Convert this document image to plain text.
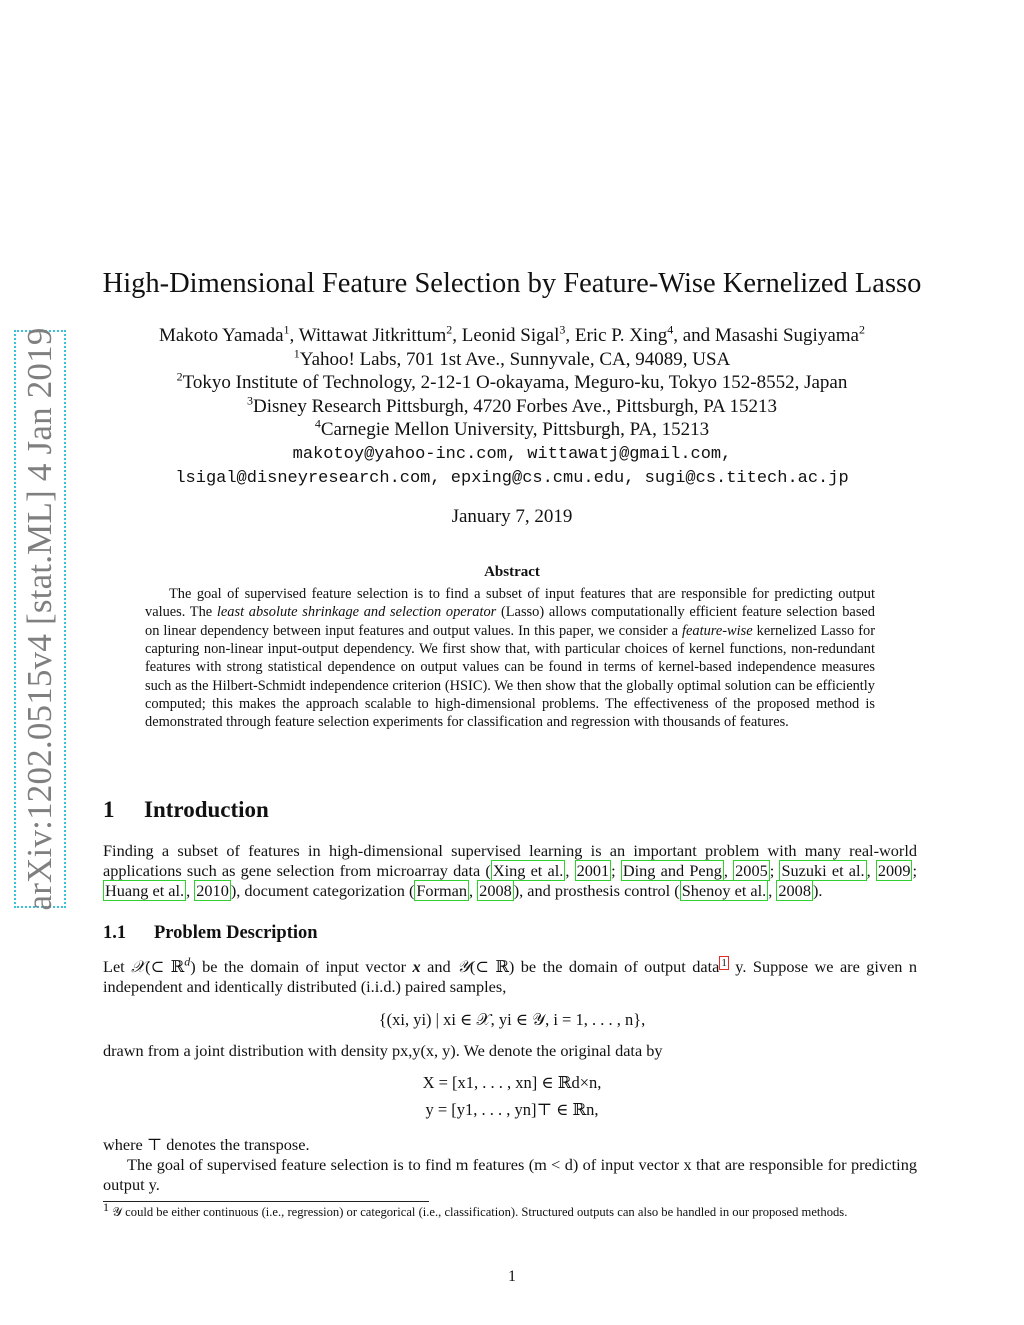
arXiv:1202.0515v4 [stat.ML] 4 Jan 2019
High-Dimensional Feature Selection by Feature-Wise Kernelized Lasso
Makoto Yamada$^1$, Wittawat Jitkrittum$^2$, Leonid Sigal$^3$, Eric P. Xing$^4$, and Masashi Sugiyama$^2$
$^1$Yahoo! Labs, 701 1st Ave., Sunnyvale, CA, 94089, USA
$^2$Tokyo Institute of Technology, 2-12-1 O-okayama, Meguro-ku, Tokyo 152-8552, Japan
$^3$Disney Research Pittsburgh, 4720 Forbes Ave., Pittsburgh, PA 15213
$^4$Carnegie Mellon University, Pittsburgh, PA, 15213
makotoy@yahoo-inc.com, wittawatj@gmail.com,
lsigal@disneyresearch.com, epxing@cs.cmu.edu, sugi@cs.titech.ac.jp
January 7, 2019
Abstract
The goal of supervised feature selection is to find a subset of input features that are responsible for predicting output values. The least absolute shrinkage and selection operator (Lasso) allows computationally efficient feature selection based on linear dependency between input features and output values. In this paper, we consider a feature-wise kernelized Lasso for capturing non-linear input-output dependency. We first show that, with particular choices of kernel functions, non-redundant features with strong statistical dependence on output values can be found in terms of kernel-based independence measures such as the Hilbert-Schmidt independence criterion (HSIC). We then show that the globally optimal solution can be efficiently computed; this makes the approach scalable to high-dimensional problems. The effectiveness of the proposed method is demonstrated through feature selection experiments for classification and regression with thousands of features.
1 Introduction
Finding a subset of features in high-dimensional supervised learning is an important problem with many real-world applications such as gene selection from microarray data ( Xing et al. , 2001 ; Ding and Peng , 2005 ; Suzuki et al. , 2009 ; Huang et al. , 2010 ), document categorization ( Forman , 2008 ), and prosthesis control ( Shenoy et al. , 2008 ).
1.1 Problem Description
Let 𝒳(⊂ ℝ$^d$) be the domain of input vector x and 𝒴(⊂ ℝ) be the domain of output data $^1$ y. Suppose we are given n independent and identically distributed (i.i.d.) paired samples,
{(xi, yi) | xi ∈ 𝒳, yi ∈ 𝒴, i = 1, . . . , n},
drawn from a joint distribution with density px,y(x, y). We denote the original data by
X = [x1, . . . , xn] ∈ ℝd×n,
y = [y1, . . . , yn]⊤ ∈ ℝn,
where ⊤ denotes the transpose.
The goal of supervised feature selection is to find m features (m < d) of input vector x that are responsible for predicting output y.
$^1$ 𝒴 could be either continuous (i.e., regression) or categorical (i.e., classification). Structured outputs can also be handled in our proposed methods.
1
